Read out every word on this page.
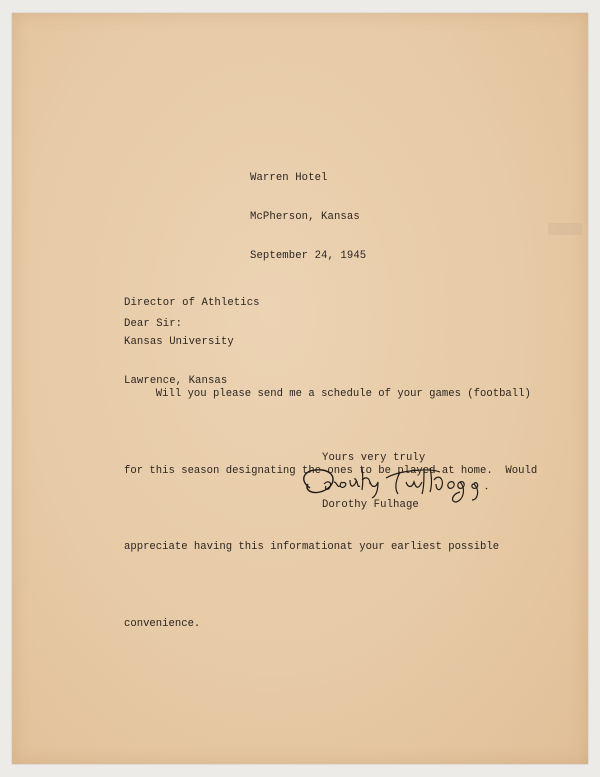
Warren Hotel

McPherson, Kansas

September 24, 1945

Director of Athletics

Kansas University

Lawrence, Kansas

Dear Sir:

Will you please send me a schedule of your games (football)

for this season designating the ones to be played at home.  Would

appreciate having this informationat your earliest possible

convenience.

Yours very truly
Dorothy Fulhage
